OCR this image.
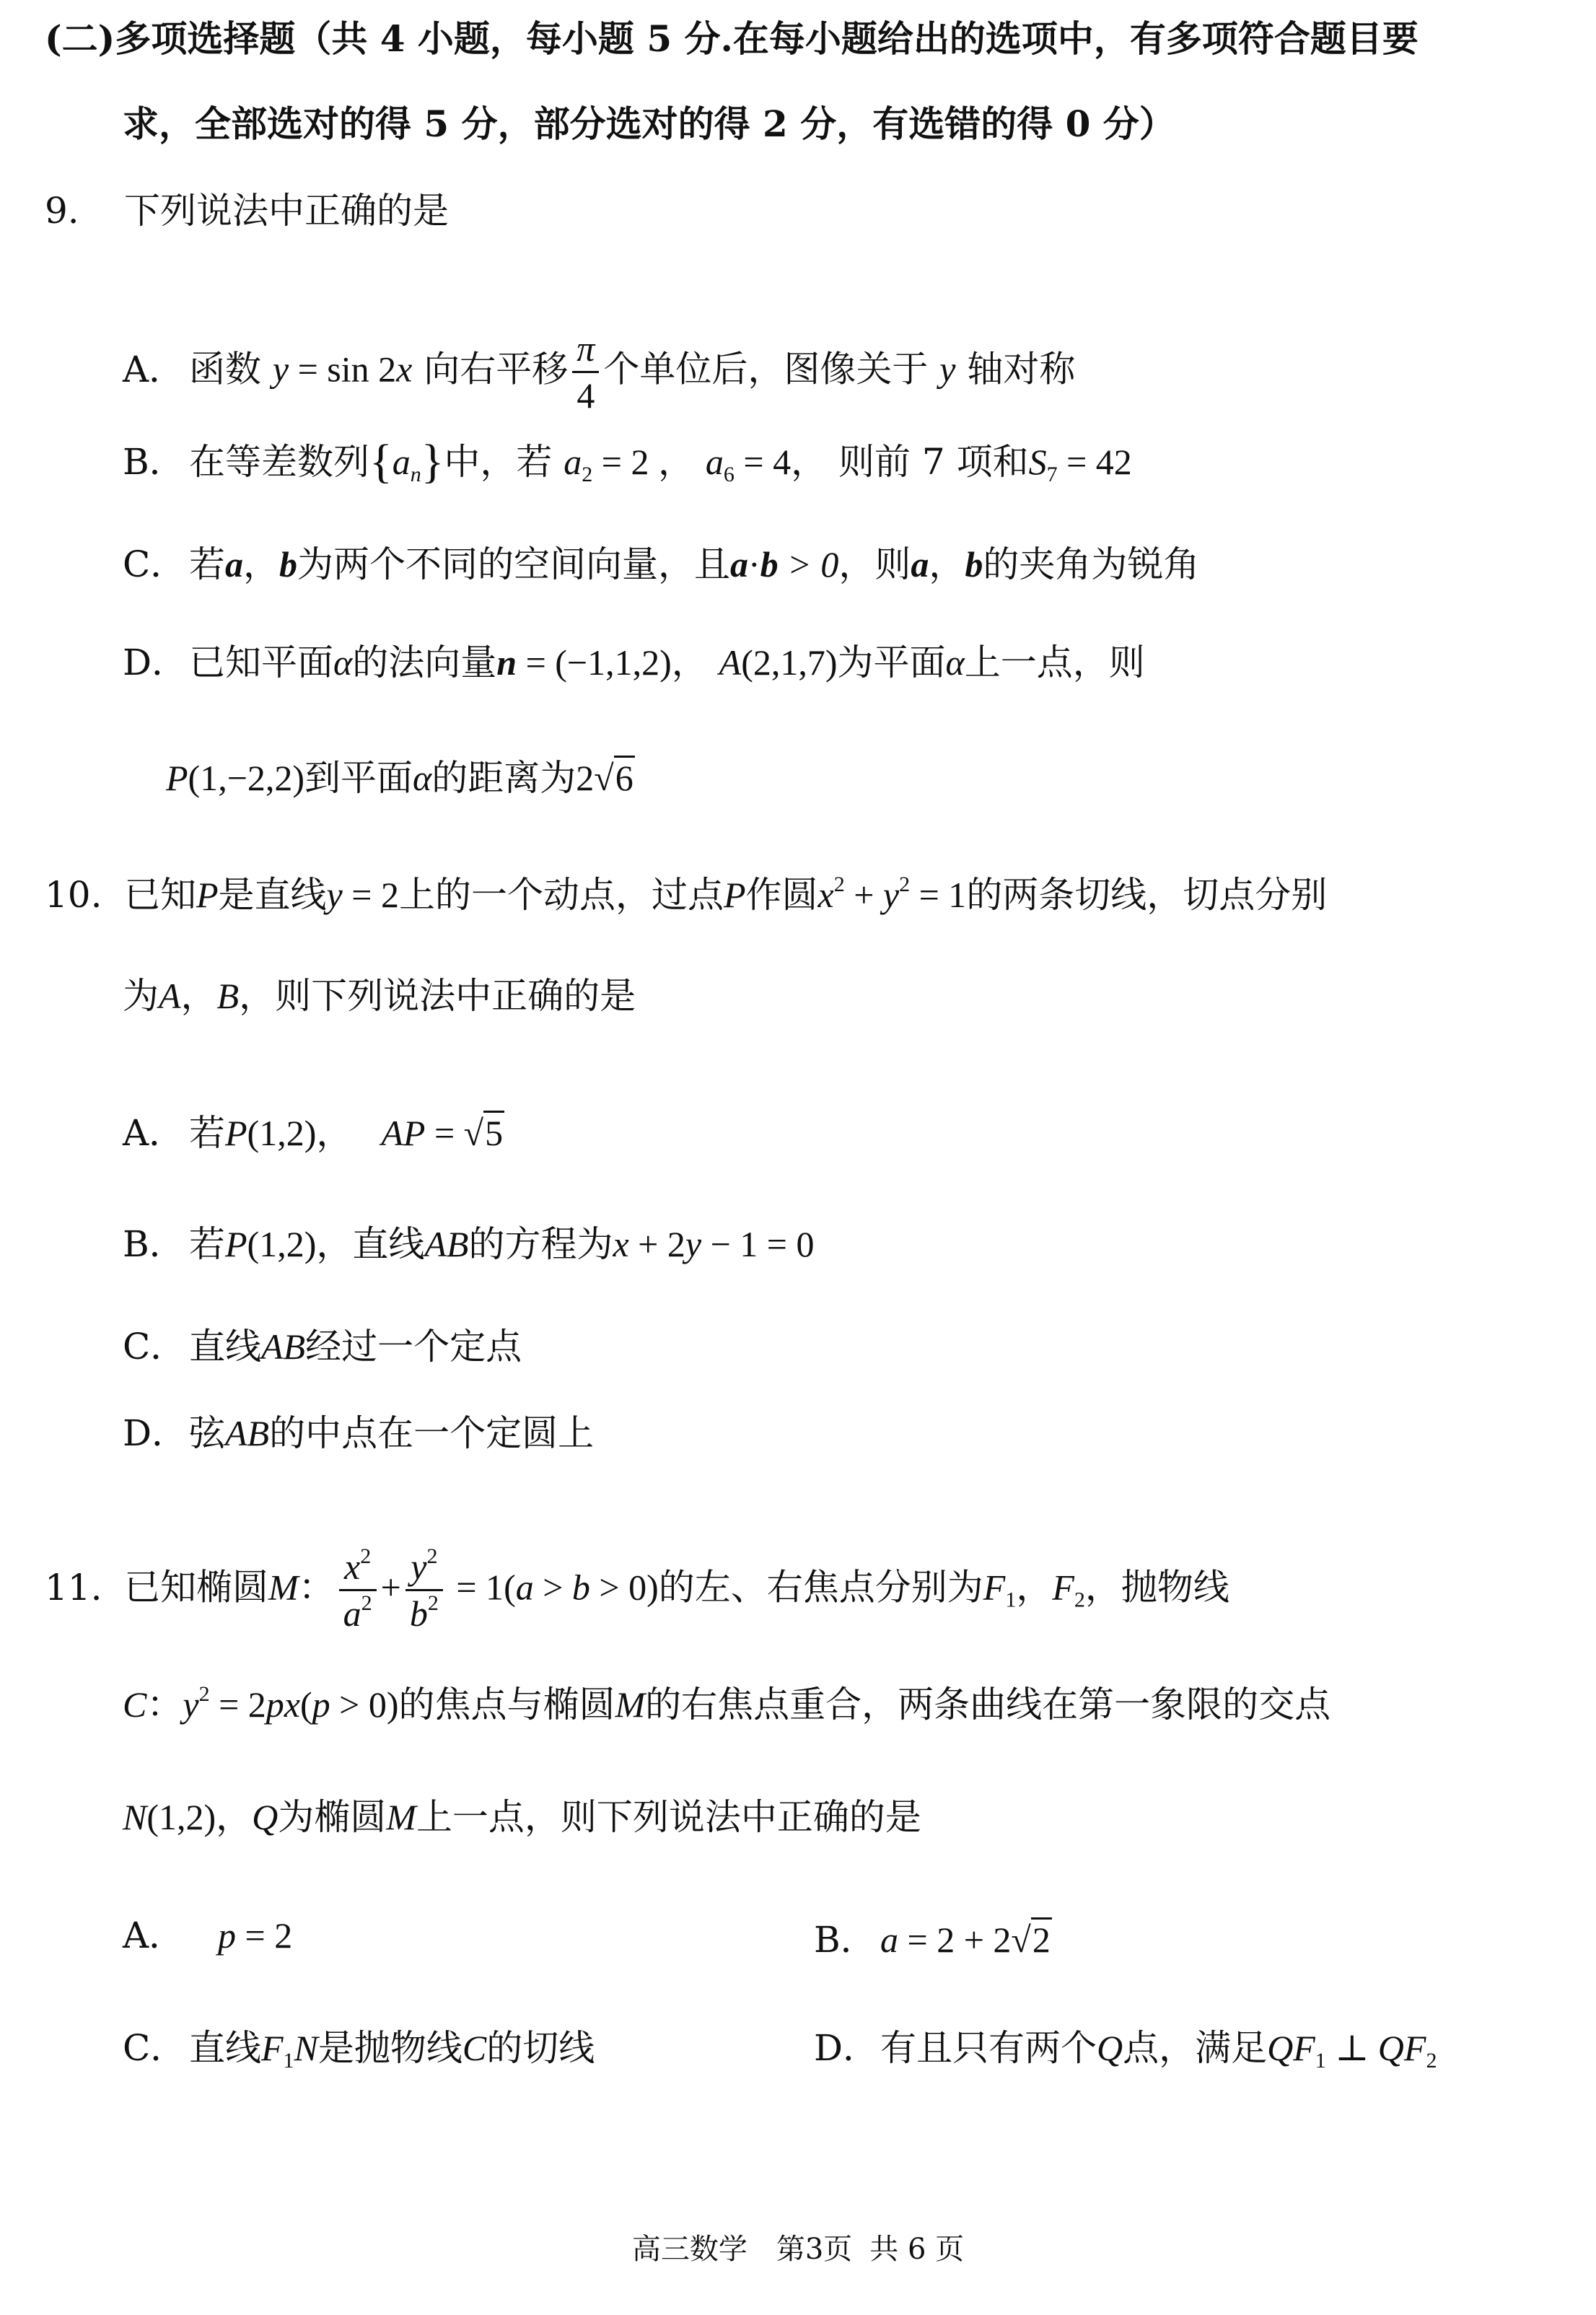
(二)多项选择题（共 4 小题，每小题 5 分.在每小题给出的选项中，有多项符合题目要
求，全部选对的得 5 分，部分选对的得 2 分，有选错的得 0 分）
9. 下列说法中正确的是
A． 函数 y = sin 2x 向右平移 $\frac{\pi}{4}$ 个单位后，图像关于 y 轴对称
B． 在等差数列$\{a_n\}$中，若 $a_2 = 2$ ， $a_6 = 4$， 则前 7 项和$S_7 = 42$
C．若a，b为两个不同的空间向量，且a·b > 0，则a，b的夹角为锐角
D．已知平面α的法向量n = (−1,1,2)， A(2,1,7)为平面α上一点，则
P(1,−2,2)到平面α的距离为2√6
10. 已知P是直线y = 2上的一个动点，过点P作圆$x^2 + y^2 = 1$的两条切线，切点分别
为A，B，则下列说法中正确的是
A． 若P(1,2)， AP = √5
B． 若P(1,2)，直线AB的方程为x + 2y − 1 = 0
C．直线AB经过一个定点
D．弦AB的中点在一个定圆上
11. 已知椭圆M： $\frac{x^2}{a^2} + \frac{y^2}{b^2} = 1(a > b > 0)$的左、右焦点分别为$F_1$，$F_2$，抛物线
C：$y^2 = 2px(p > 0)$的焦点与椭圆M的右焦点重合，两条曲线在第一象限的交点
N(1,2)，Q为椭圆M上一点，则下列说法中正确的是
A． p = 2	B． a = 2 + 2√2
C．直线$F_1N$是抛物线C的切线	D．有且只有两个Q点，满足$QF_1$ ⊥ $QF_2$
高三数学 第3页 共 6 页
